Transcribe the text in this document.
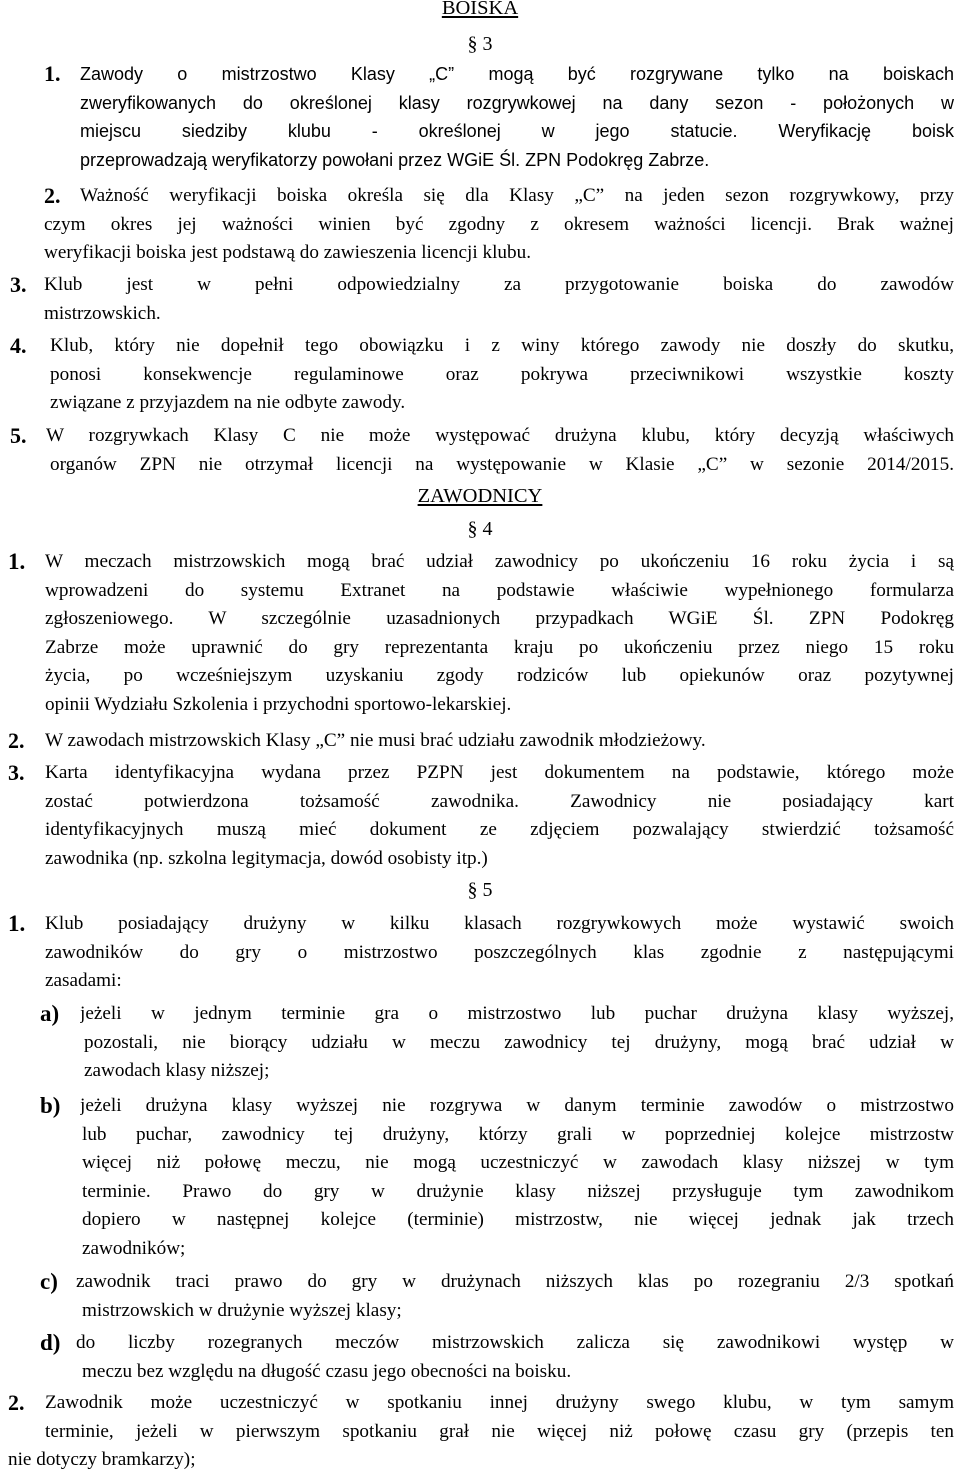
BOISKA
§ 3
1. Zawody o mistrzostwo Klasy „C” mogą być rozgrywane tylko na boiskach
zweryfikowanych do określonej klasy rozgrywkowej na dany sezon - położonych w
miejscu siedziby klubu - określonej w jego statucie. Weryfikację boisk
przeprowadzają weryfikatorzy powołani przez WGiE Śl. ZPN Podokręg Zabrze.
2.	Ważność weryfikacji boiska określa się dla Klasy „C” na jeden sezon rozgrywkowy, przy
czym okres jej ważności winien być zgodny z okresem ważności licencji. Brak ważnej
weryfikacji boiska jest podstawą do zawieszenia licencji klubu.
3. Klub jest w pełni odpowiedzialny za przygotowanie boiska do zawodów
mistrzowskich.
4. Klub, który nie dopełnił tego obowiązku i z winy którego zawody nie doszły do skutku,
ponosi konsekwencje regulaminowe oraz pokrywa przeciwnikowi wszystkie koszty
związane z przyjazdem na nie odbyte zawody.
5. W rozgrywkach Klasy C nie może występować drużyna klubu, który decyzją właściwych
organów ZPN nie otrzymał licencji na występowanie w Klasie „C” w sezonie 2014/2015.
ZAWODNICY
§ 4
1. W meczach mistrzowskich mogą brać udział zawodnicy po ukończeniu 16 roku życia i są
wprowadzeni do systemu Extranet na podstawie właściwie wypełnionego formularza
zgłoszeniowego. W szczególnie uzasadnionych przypadkach WGiE Śl. ZPN Podokręg
Zabrze może uprawnić do gry reprezentanta kraju po ukończeniu przez niego 15 roku
życia, po wcześniejszym uzyskaniu zgody rodziców lub opiekunów oraz pozytywnej
opinii Wydziału Szkolenia i przychodni sportowo-lekarskiej.
2. W zawodach mistrzowskich Klasy „C” nie musi brać udziału zawodnik młodzieżowy.
3. Karta identyfikacyjna wydana przez PZPN jest dokumentem na podstawie, którego może
zostać potwierdzona tożsamość zawodnika. Zawodnicy nie posiadający kart
identyfikacyjnych muszą mieć dokument ze zdjęciem pozwalający stwierdzić tożsamość
zawodnika (np. szkolna legitymacja, dowód osobisty itp.)
§ 5
1. Klub posiadający drużyny w kilku klasach rozgrywkowych może wystawić swoich
zawodników do gry o mistrzostwo poszczególnych klas zgodnie z następującymi
zasadami:
a) jeżeli w jednym terminie gra o mistrzostwo lub puchar drużyna klasy wyższej,
pozostali, nie biorący udziału w meczu zawodnicy tej drużyny, mogą brać udział w
zawodach klasy niższej;
b) jeżeli drużyna klasy wyższej nie rozgrywa w danym terminie zawodów o mistrzostwo
lub puchar, zawodnicy tej drużyny, którzy grali w poprzedniej kolejce mistrzostw
więcej niż połowę meczu, nie mogą uczestniczyć w zawodach klasy niższej w tym
terminie. Prawo do gry w drużynie klasy niższej przysługuje tym zawodnikom
dopiero w następnej kolejce (terminie) mistrzostw, nie więcej jednak jak trzech
zawodników;
c) zawodnik traci prawo do gry w drużynach niższych klas po rozegraniu 2/3 spotkań
mistrzowskich w drużynie wyższej klasy;
d) do liczby rozegranych meczów mistrzowskich zalicza się zawodnikowi występ w
meczu bez względu na długość czasu jego obecności na boisku.
2. Zawodnik może uczestniczyć w spotkaniu innej drużyny swego klubu, w tym samym
terminie, jeżeli w pierwszym spotkaniu grał nie więcej niż połowę czasu gry (przepis ten
nie dotyczy bramkarzy);
